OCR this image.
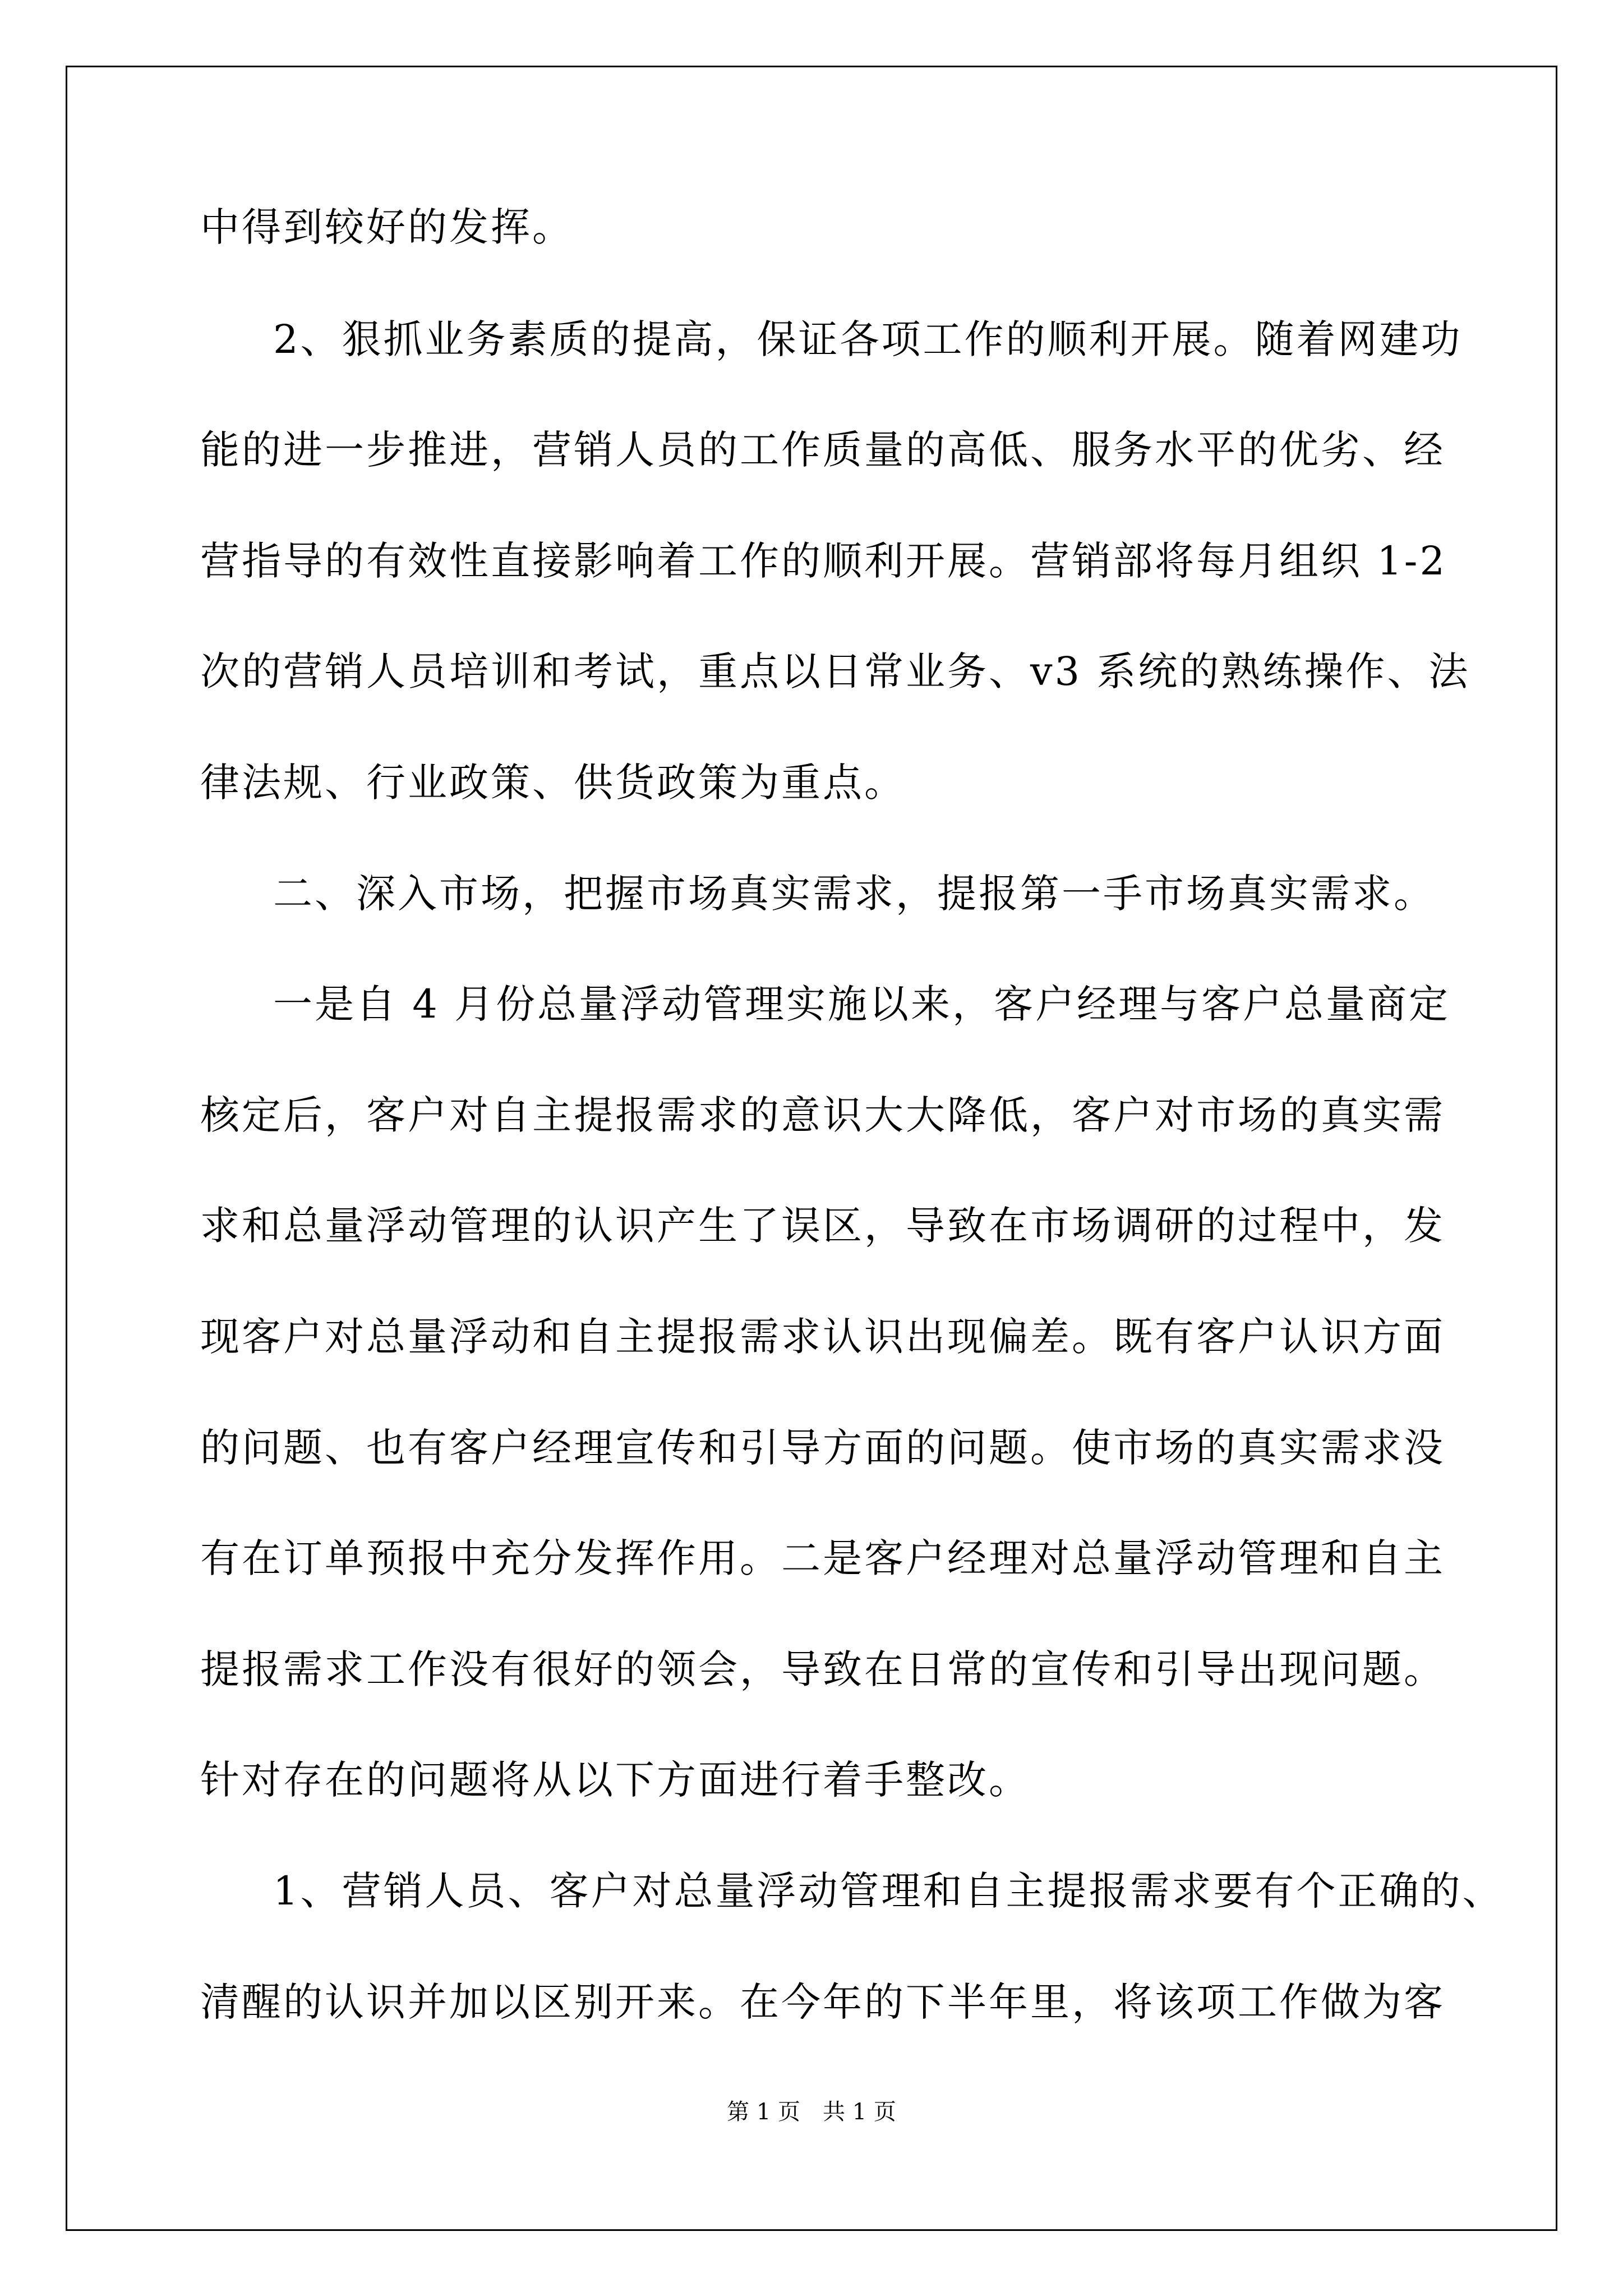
中得到较好的发挥。
2、狠抓业务素质的提高，保证各项工作的顺利开展。随着网建功
能的进一步推进，营销人员的工作质量的高低、服务水平的优劣、经
营指导的有效性直接影响着工作的顺利开展。营销部将每月组织 1-2
次的营销人员培训和考试，重点以日常业务、v3 系统的熟练操作、法
律法规、行业政策、供货政策为重点。
二、深入市场，把握市场真实需求，提报第一手市场真实需求。
一是自 4 月份总量浮动管理实施以来，客户经理与客户总量商定
核定后，客户对自主提报需求的意识大大降低，客户对市场的真实需
求和总量浮动管理的认识产生了误区，导致在市场调研的过程中，发
现客户对总量浮动和自主提报需求认识出现偏差。既有客户认识方面
的问题、也有客户经理宣传和引导方面的问题。使市场的真实需求没
有在订单预报中充分发挥作用。二是客户经理对总量浮动管理和自主
提报需求工作没有很好的领会，导致在日常的宣传和引导出现问题。
针对存在的问题将从以下方面进行着手整改。
1、营销人员、客户对总量浮动管理和自主提报需求要有个正确的、
清醒的认识并加以区别开来。在今年的下半年里，将该项工作做为客
第 1 页　共 1 页
